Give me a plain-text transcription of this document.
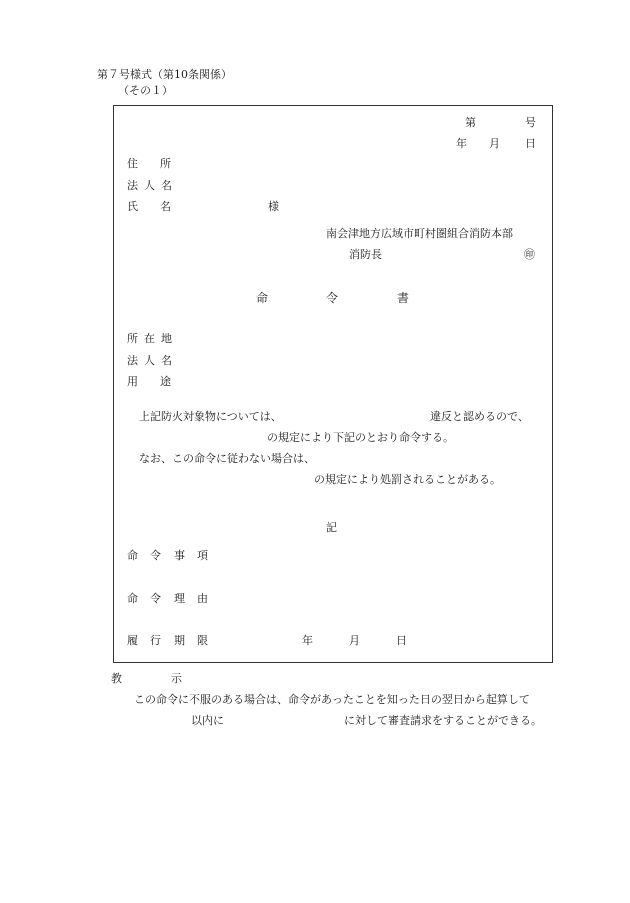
第７号様式（第10条関係）
（その１）
第	号
年 月 日
住 所
法 人 名
氏 名	様
南会津地方広域市町村圏組合消防本部
消防長	㊞
命	令	書
所 在 地
法 人 名
用 途
上記防火対象物については、	違反と認めるので、
の規定により下記のとおり命令する。
なお、この命令に従わない場合は、
の規定により処罰されることがある。
記
命 令 事 項
命 令 理 由
履 行 期 限	年	月	日
教	示
この命令に不服のある場合は、命令があったことを知った日の翌日から起算して
以内に	に対して審査請求をすることができる。
